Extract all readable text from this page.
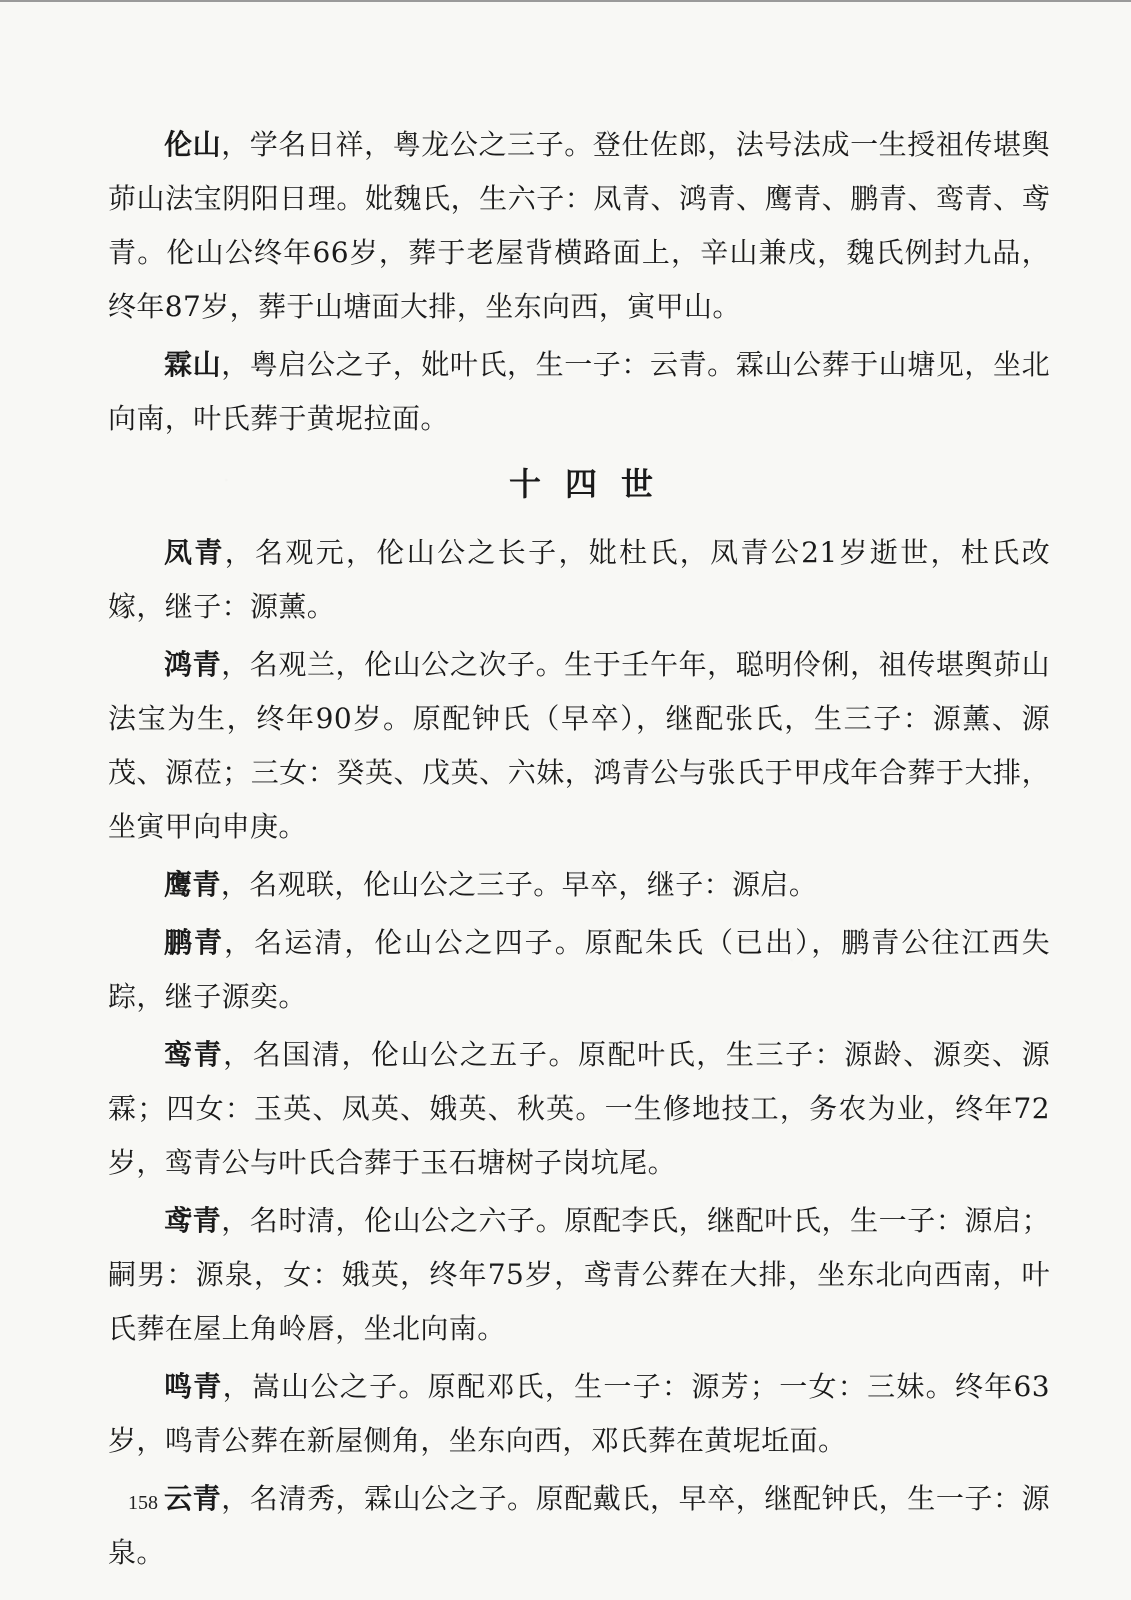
伦山，学名日祥，粤龙公之三子。登仕佐郎，法号法成一生授祖传堪舆茆山法宝阴阳日理。妣魏氏，生六子：凤青、鸿青、鹰青、鹏青、鸾青、鸢青。伦山公终年66岁，葬于老屋背横路面上，辛山兼戌，魏氏例封九品，终年87岁，葬于山塘面大排，坐东向西，寅甲山。

霖山，粤启公之子，妣叶氏，生一子：云青。霖山公葬于山塘见，坐北向南，叶氏葬于黄坭拉面。

十四世

凤青，名观元，伦山公之长子，妣杜氏，凤青公21岁逝世，杜氏改嫁，继子：源薰。

鸿青，名观兰，伦山公之次子。生于壬午年，聪明伶俐，祖传堪舆茆山法宝为生，终年90岁。原配钟氏（早卒），继配张氏，生三子：源薰、源茂、源莅；三女：癸英、戊英、六妹，鸿青公与张氏于甲戌年合葬于大排，坐寅甲向申庚。

鹰青，名观联，伦山公之三子。早卒，继子：源启。

鹏青，名运清，伦山公之四子。原配朱氏（已出），鹏青公往江西失踪，继子源奕。

鸾青，名国清，伦山公之五子。原配叶氏，生三子：源龄、源奕、源霖；四女：玉英、凤英、娥英、秋英。一生修地技工，务农为业，终年72岁，鸾青公与叶氏合葬于玉石塘树子岗坑尾。

鸢青，名时清，伦山公之六子。原配李氏，继配叶氏，生一子：源启；嗣男：源泉，女：娥英，终年75岁，鸢青公葬在大排，坐东北向西南，叶氏葬在屋上角岭唇，坐北向南。

鸣青，嵩山公之子。原配邓氏，生一子：源芳；一女：三妹。终年63岁，鸣青公葬在新屋侧角，坐东向西，邓氏葬在黄坭坵面。

云青，名清秀，霖山公之子。原配戴氏，早卒，继配钟氏，生一子：源泉。

158
